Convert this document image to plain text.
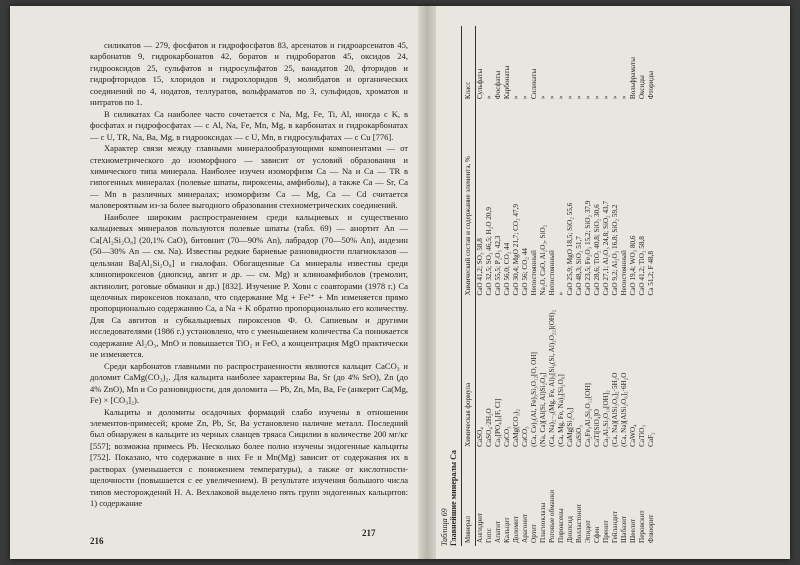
силикатов — 279, фосфатов и гидрофосфатов 83, арсенатов и гидроарсенатов 45, карбонатов 9, гидрокарбонатов 42, боратов и гидроборатов 45, оксидов 24, гидрооксидов 25, сульфатов и гидросульфатов 25, ванадатов 20, фторидов и гидрофторидов 15, хлоридов и гидрохлоридов 9, молибдатов и органических соединений по 4, нодатов, теллуратов, вольфраматов по 3, сульфидов, хроматов и нитратов по 1.

В силикатах Ca наиболее часто сочетается с Na, Mg, Fe, Ti, Al, иногда с K, в фосфатах и гидрофосфатах — с Al, Na, Fe, Mn, Mg, в карбонатах и гидрокарбонатах — с U, TR, Na, Ba, Mg, в гидрооксидах — с U, Mn, в гидросульфатах — с Cu [776].

Характер связи между главными минералообразующими компонентами — от стехиометрического до изоморфного — зависит от условий образования и химического типа минерала. Наиболее изучен изоморфизм Ca — Na и Ca — TR в гипогенных минералах (полевые шпаты, пироксены, амфиболы), а также Ca — Sr, Ca — Mn в различных минералах; изоморфизм Ca — Mg, Ca — Cd считается маловероятным из-за более выгодного образования стехиометрических соединений.

Наиболее широким распространением среди кальциевых и существенно кальциевых минералов пользуются полевые шпаты (табл. 69) — анортит An — Ca[Al₂Si₂O₈] (20,1% CaO), битовнит (70—90% An), лабрадор (70—50% An), андезин (50—30% An — см. Na). Известны редкие бариевые разновидности плагиоклазов — цельзиан Ba[Al₂Si₂O₈] и гиалофан. Обогащенные Ca минералы известны среди клинопироксенов (диопсид, авгит и др. — см. Mg) и клиноамфиболов (тремолит, актинолит, роговые обманки и др.) [832]. Изучение Р. Ховн с соавторами (1978 г.) Ca щелочных пироксенов показало, что содержание Mg + Fe²⁺ + Mn изменяется прямо пропорционально содержанию Ca, а Na + K обратно пропорционально его количеству. Для Ca авгитов и субкальциевых пироксенов Ф. О. Сапиевым и другими исследователями (1986 г.) установлено, что с уменьшением количества Ca понижается содержание Al₂O₃, MnO и повышается TiO₂ и FeO, а концентрация MgO практически не изменяется.

Среди карбонатов главными по распространенности являются кальцит CaCO₃ и доломит CaMg(CO₃)₂. Для кальцита наиболее характерны Ba, Sr (до 4% SrO), Zn (до 4% ZnO), Mn и Co разновидности, для доломита — Pb, Zn, Mn, Ba, Fe (анкерит Ca(Mg, Fe) × [CO₃]₂).

Кальциты и доломиты осадочных формаций слабо изучены в отношении элементов-примесей; кроме Zn, Pb, Sr, Ba установлено наличие металл. Последний был обнаружен в кальците из черных сланцев тряаса Сицилии в количестве 200 мг/кг [557]; возможна примесь Pb. Несколько более полно изучены эндогенные кальциты [752]. Показано, что содержание в них Fe и Mn(Mg) зависит от содержания их в растворах (уменьшается с понижением температуры), а также от кислотности-щелочности (повышается с ее увеличением). В результате изучения большого числа типов месторождений Н. А. Вехлаковой выделено пять групп эндогенных кальцитов: 1) содержание

216	Таблица 69 Главнейшие минералы Ca Минерал	Химическая формула	Химический состав и содержание элемента, %	Класс
Ангидрит	CaSO₄	CaO 41,2; SO₃ 58,8	Сульфаты
Гипс	CaSO₄·2H₂O	CaO 32,5; SO₃ 46,5; H₂O 20,9	»
Апатит	Ca₅[PO₄]₃[F, Cl]	CaO 55,5; P₂O₅ 42,3	Фосфаты
Кальцит	CaCO₃	CaO 56,0; CO₂ 44	Карбонаты
Доломит	CaMg(CO₃)₂	CaO 30,4; MgO 21,7; CO₂ 47,9	»
Арагонит	CaCO₃	CaO 56; CO₂ 44	»
Ортит	(Ca, Ce)₂(Al, Fe)₃Si₃O₁₂[O, OH]	Непостоянный	Силикаты
Плагиоклазы	(Na, Ca)[Al(Si, Al)Si₂O₈]	Na₂O, CaO, Al₂O₃, SiO₂	»
Роговые обманки	(Ca, Na)₂₋₃(Mg, Fe, Al)₅[Si₆(Si, Al)₂O₂₂](OH)₂	Непостоянный	»
Пироксены	(Ca, Mg, Fe, Na)₂[Si₂O₆]	»	»
Диопсид	CaMg[Si₂O₆]	CaO 25,9; MgO 18,5; SiO₂ 55,6	»
Волластонит	CaSiO₃	CaO 48,3; SiO₂ 51,7	»
Эпидот	Ca₂Fe₃Al₂Si₃O₁₂[OH]	CaO 23,5; Fe₂O₃ 15,2; SiO₂ 37,9	»
Сфен	CaTi[SiO₄]O	CaO 28,6; TiO₂ 40,8; SiO₂ 30,6	»
Пренит	Ca₂Al₂Si₃O₁₀[OH]₂	CaO 27,1; Al₂O₃ 24,8; SiO₂ 43,7	»
Гейландит	(Ca, Na)[AlSi₃O₈]₂·5H₂O	CaO 9,2; Al₂O₃ 16,8; SiO₂ 59,2	»
Шабазит	(Ca, Na)[AlSi₂O₆]₂·6H₂O	Непостоянный	»
Шеелит	CaWO₄	CaO 19,4; WO₃ 80,6	Вольфраматы
Перовскит	CaTiO₃	CaO 41,2; TiO₂ 58,8	Оксиды
Флюорит	CaF₂	Ca 51,2; F 48,8	Фториды
217
